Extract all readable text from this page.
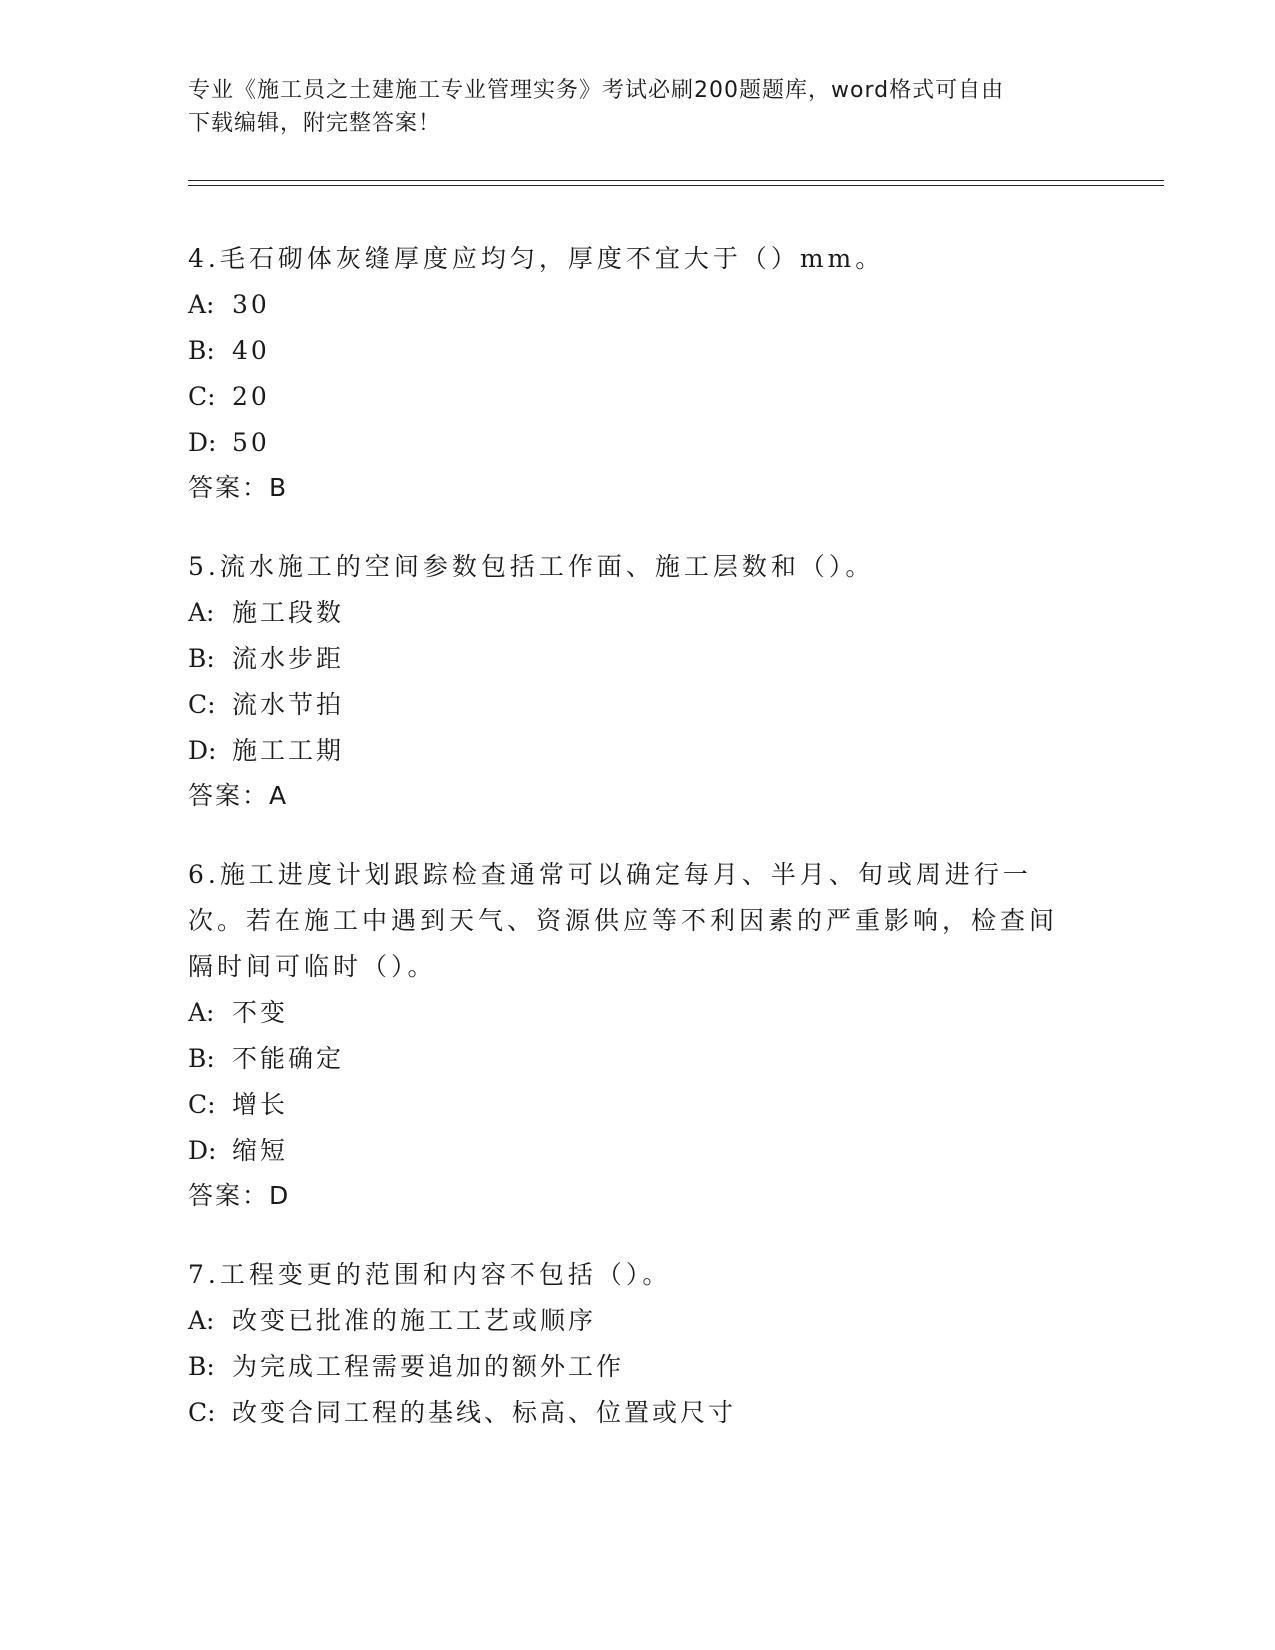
专业《施工员之土建施工专业管理实务》考试必刷200题题库，word格式可自由
下载编辑，附完整答案！

4.毛石砌体灰缝厚度应均匀，厚度不宜大于（）mm。

A: 30

B: 40

C: 20

D: 50

答案：B

5.流水施工的空间参数包括工作面、施工层数和（）。

A: 施工段数

B: 流水步距

C: 流水节拍

D: 施工工期

答案：A

6.施工进度计划跟踪检查通常可以确定每月、半月、旬或周进行一次。若在施工中遇到天气、资源供应等不利因素的严重影响，检查间隔时间可临时（）。

A: 不变

B: 不能确定

C: 增长

D: 缩短

答案：D

7.工程变更的范围和内容不包括（）。

A: 改变已批准的施工工艺或顺序

B: 为完成工程需要追加的额外工作

C: 改变合同工程的基线、标高、位置或尺寸
